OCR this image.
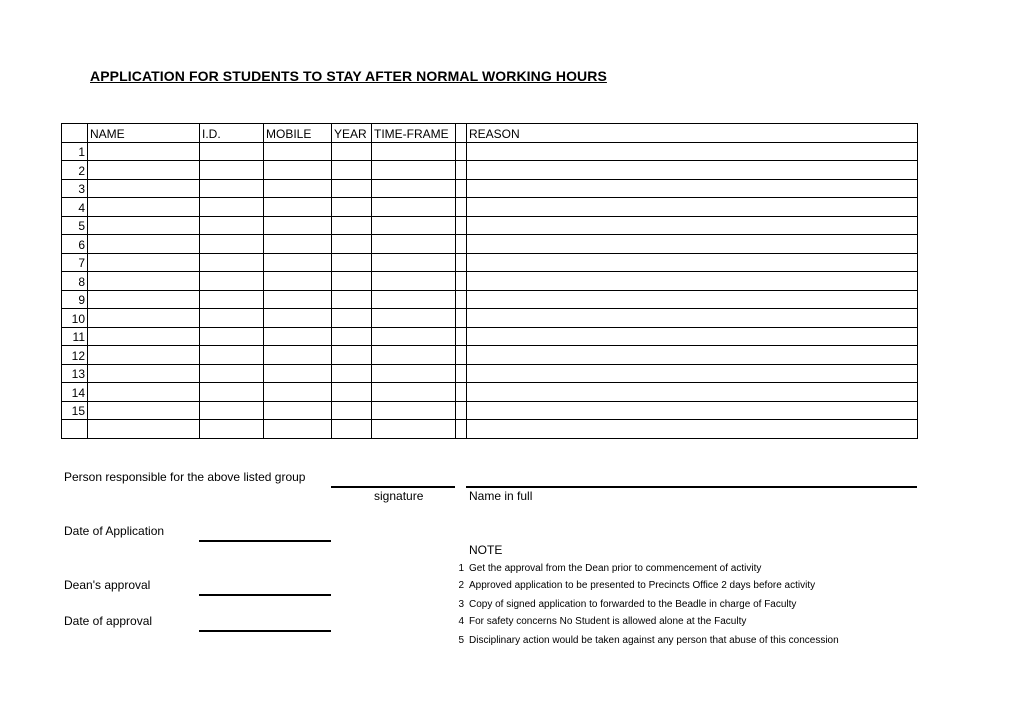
APPLICATION FOR STUDENTS TO STAY AFTER NORMAL WORKING HOURS
	NAME	I.D.	MOBILE	YEAR	TIME-FRAME		REASON
1							
2							
3							
4							
5							
6							
7							
8							
9							
10							
11							
12							
13							
14							
15							

Person responsible for the above listed group
signature	Name in full
Date of Application
Dean's approval
Date of approval
NOTE
1 Get the approval from the Dean prior to commencement of activity
2 Approved application to be presented to Precincts Office 2 days before activity
3 Copy of signed application to forwarded to the Beadle in charge of Faculty
4 For safety concerns No Student is allowed alone at the Faculty
5 Disciplinary action would be taken against any person that abuse of this concession
